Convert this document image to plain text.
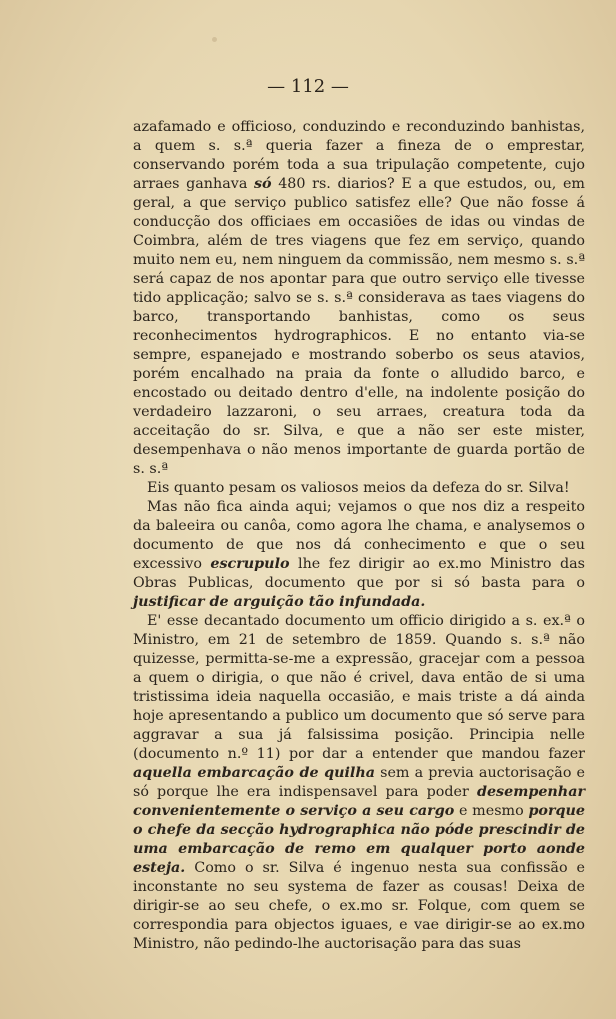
— 112 —

azafamado e officioso, conduzindo e reconduzindo banhistas, a quem s. s.ª queria fazer a fineza de o emprestar, conservando porém toda a sua tripulação competente, cujo arraes ganhava só 480 rs. diarios? E a que estudos, ou, em geral, a que serviço publico satisfez elle? Que não fosse á conducção dos officiaes em occasiões de idas ou vindas de Coimbra, além de tres viagens que fez em serviço, quando muito nem eu, nem ninguem da commissão, nem mesmo s. s.ª será capaz de nos apontar para que outro serviço elle tivesse tido applicação; salvo se s. s.ª considerava as taes viagens do barco, transportando banhistas, como os seus reconhecimentos hydrographicos. E no entanto via-se sempre, espanejado e mostrando soberbo os seus atavios, porém encalhado na praia da fonte o alludido barco, e encostado ou deitado dentro d'elle, na indolente posição do verdadeiro lazzaroni, o seu arraes, creatura toda da acceitação do sr. Silva, e que a não ser este mister, desempenhava o não menos importante de guarda portão de s. s.ª

Eis quanto pesam os valiosos meios da defeza do sr. Silva!

Mas não fica ainda aqui; vejamos o que nos diz a respeito da baleeira ou canôa, como agora lhe chama, e analysemos o documento de que nos dá conhecimento e que o seu excessivo escrupulo lhe fez dirigir ao ex.mo Ministro das Obras Publicas, documento que por si só basta para o justificar de arguição tão infundada.

E' esse decantado documento um officio dirigido a s. ex.ª o Ministro, em 21 de setembro de 1859. Quando s. s.ª não quizesse, permitta-se-me a expressão, gracejar com a pessoa a quem o dirigia, o que não é crivel, dava então de si uma tristissima ideia naquella occasião, e mais triste a dá ainda hoje apresentando a publico um documento que só serve para aggravar a sua já falsissima posição. Principia nelle (documento n.º 11) por dar a entender que mandou fazer aquella embarcação de quilha sem a previa auctorisação e só porque lhe era indispensavel para poder desempenhar convenientemente o serviço a seu cargo e mesmo porque o chefe da secção hydrographica não póde prescindir de uma embarcação de remo em qualquer porto aonde esteja. Como o sr. Silva é ingenuo nesta sua confissão e inconstante no seu systema de fazer as cousas! Deixa de dirigir-se ao seu chefe, o ex.mo sr. Folque, com quem se correspondia para objectos iguaes, e vae dirigir-se ao ex.mo Ministro, não pedindo-lhe auctorisação para das suas
